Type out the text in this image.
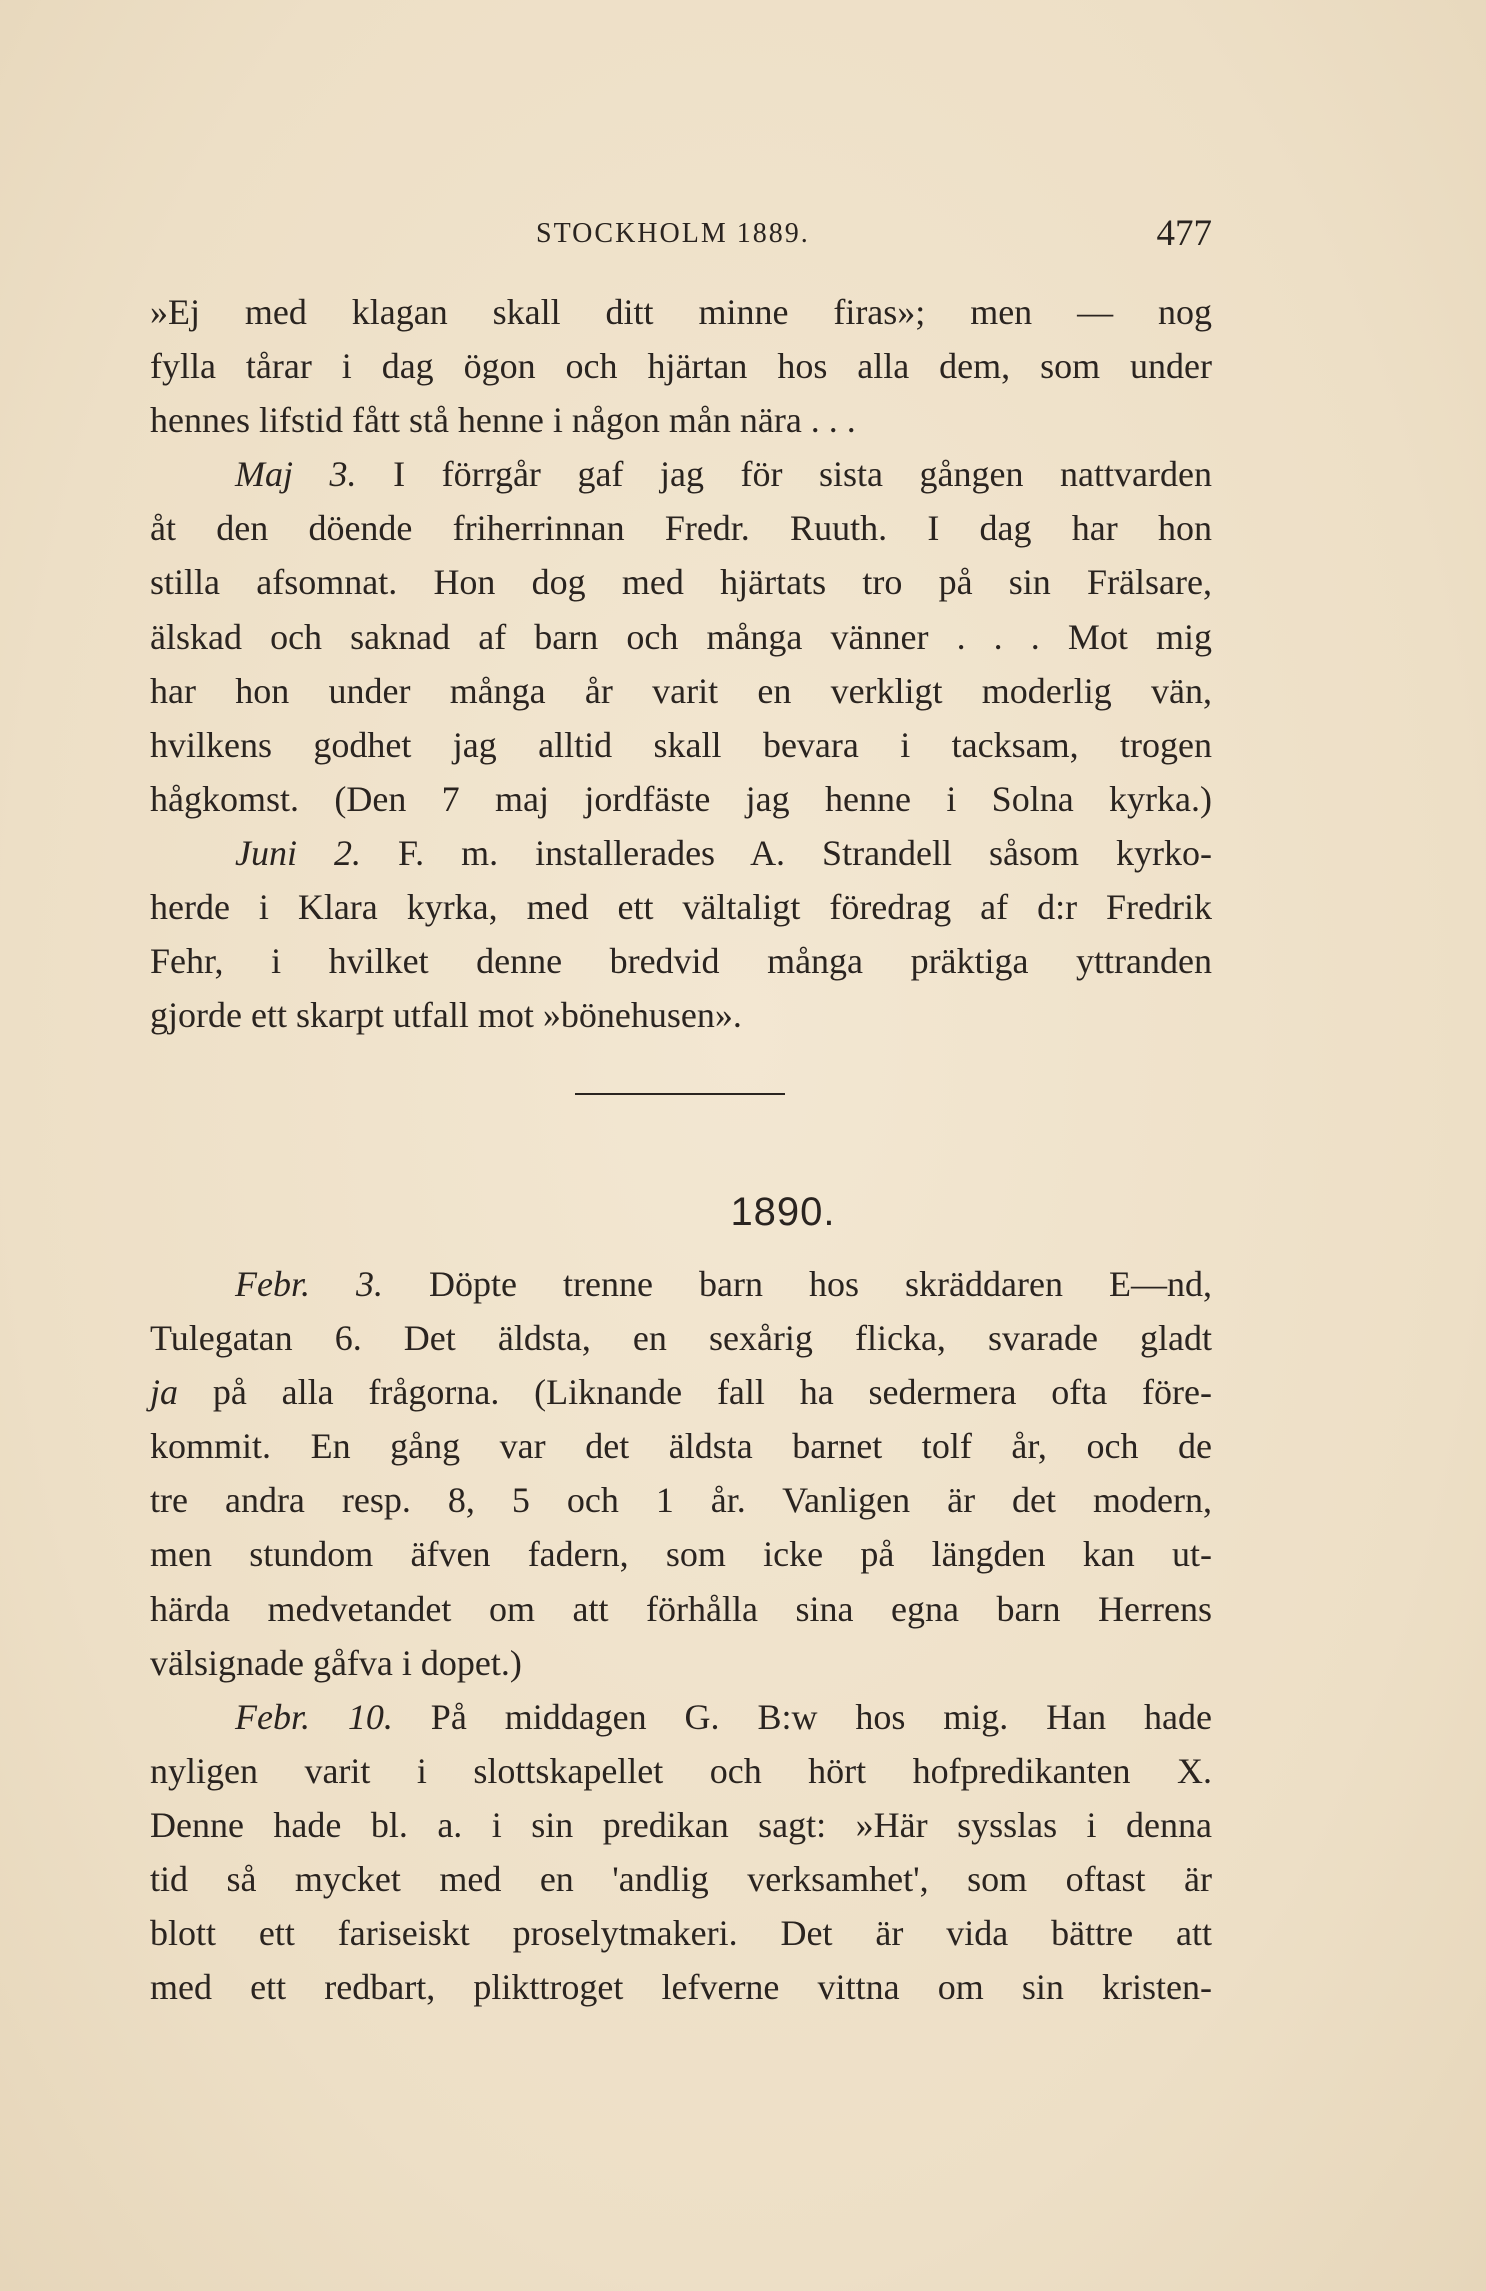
STOCKHOLM 1889.	477
»Ej med klagan skall ditt minne firas»; men — nog
fylla tårar i dag ögon och hjärtan hos alla dem, som under
hennes lifstid fått stå henne i någon mån nära . . .
Maj 3. I förrgår gaf jag för sista gången nattvarden
åt den döende friherrinnan Fredr. Ruuth. I dag har hon
stilla afsomnat. Hon dog med hjärtats tro på sin Frälsare,
älskad och saknad af barn och många vänner . . . Mot mig
har hon under många år varit en verkligt moderlig vän,
hvilkens godhet jag alltid skall bevara i tacksam, trogen
hågkomst. (Den 7 maj jordfäste jag henne i Solna kyrka.)
Juni 2. F. m. installerades A. Strandell såsom kyrko-
herde i Klara kyrka, med ett vältaligt föredrag af d:r Fredrik
Fehr, i hvilket denne bredvid många präktiga yttranden
gjorde ett skarpt utfall mot »bönehusen».
1890.
Febr. 3. Döpte trenne barn hos skräddaren E—nd,
Tulegatan 6. Det äldsta, en sexårig flicka, svarade gladt
ja på alla frågorna. (Liknande fall ha sedermera ofta före-
kommit. En gång var det äldsta barnet tolf år, och de
tre andra resp. 8, 5 och 1 år. Vanligen är det modern,
men stundom äfven fadern, som icke på längden kan ut-
härda medvetandet om att förhålla sina egna barn Herrens
välsignade gåfva i dopet.)
Febr. 10. På middagen G. B:w hos mig. Han hade
nyligen varit i slottskapellet och hört hofpredikanten X.
Denne hade bl. a. i sin predikan sagt: »Här sysslas i denna
tid så mycket med en 'andlig verksamhet', som oftast är
blott ett fariseiskt proselytmakeri. Det är vida bättre att
med ett redbart, plikttroget lefverne vittna om sin kristen-
